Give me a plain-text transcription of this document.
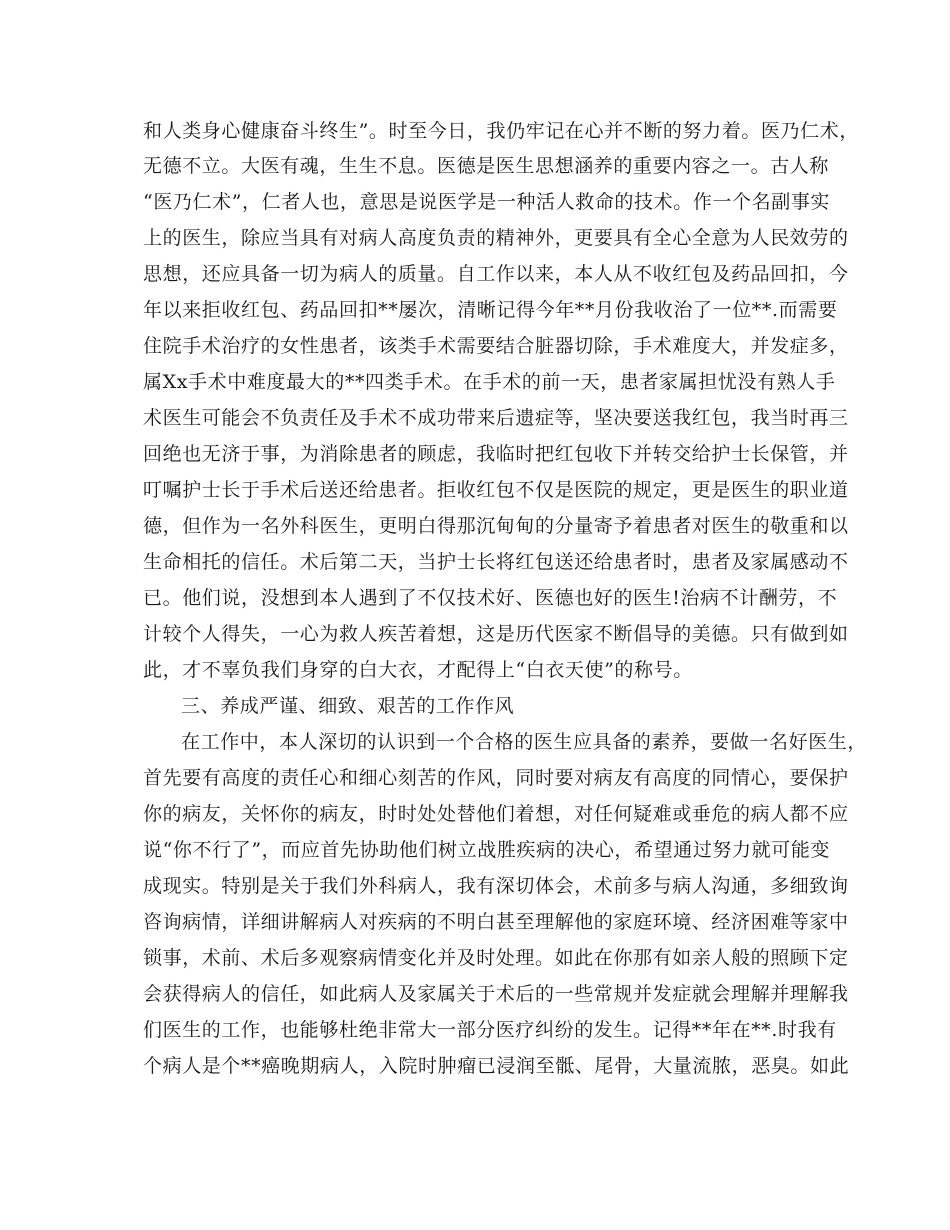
和人类身心健康奋斗终生”。时至今日，我仍牢记在心并不断的努力着。医乃仁术，
无德不立。大医有魂，生生不息。医德是医生思想涵养的重要内容之一。古人称
“医乃仁术”，仁者人也，意思是说医学是一种活人救命的技术。作一个名副事实
上的医生，除应当具有对病人高度负责的精神外，更要具有全心全意为人民效劳的
思想，还应具备一切为病人的质量。自工作以来，本人从不收红包及药品回扣，今
年以来拒收红包、药品回扣**屡次，清晰记得今年**月份我收治了一位**.而需要
住院手术治疗的女性患者，该类手术需要结合脏器切除，手术难度大，并发症多，
属Xx手术中难度最大的**四类手术。在手术的前一天，患者家属担忧没有熟人手
术医生可能会不负责任及手术不成功带来后遗症等，坚决要送我红包，我当时再三
回绝也无济于事，为消除患者的顾虑，我临时把红包收下并转交给护士长保管，并
叮嘱护士长于手术后送还给患者。拒收红包不仅是医院的规定，更是医生的职业道
德，但作为一名外科医生，更明白得那沉甸甸的分量寄予着患者对医生的敬重和以
生命相托的信任。术后第二天，当护士长将红包送还给患者时，患者及家属感动不
已。他们说，没想到本人遇到了不仅技术好、医德也好的医生!治病不计酬劳，不
计较个人得失，一心为救人疾苦着想，这是历代医家不断倡导的美德。只有做到如
此，才不辜负我们身穿的白大衣，才配得上“白衣天使”的称号。
三、养成严谨、细致、艰苦的工作作风
在工作中，本人深切的认识到一个合格的医生应具备的素养，要做一名好医生，
首先要有高度的责任心和细心刻苦的作风，同时要对病友有高度的同情心，要保护
你的病友，关怀你的病友，时时处处替他们着想，对任何疑难或垂危的病人都不应
说“你不行了”，而应首先协助他们树立战胜疾病的决心，希望通过努力就可能变
成现实。特别是关于我们外科病人，我有深切体会，术前多与病人沟通，多细致询
咨询病情，详细讲解病人对疾病的不明白甚至理解他的家庭环境、经济困难等家中
锁事，术前、术后多观察病情变化并及时处理。如此在你那有如亲人般的照顾下定
会获得病人的信任，如此病人及家属关于术后的一些常规并发症就会理解并理解我
们医生的工作，也能够杜绝非常大一部分医疗纠纷的发生。记得**年在**.时我有
个病人是个**癌晚期病人，入院时肿瘤已浸润至骶、尾骨，大量流脓，恶臭。如此
